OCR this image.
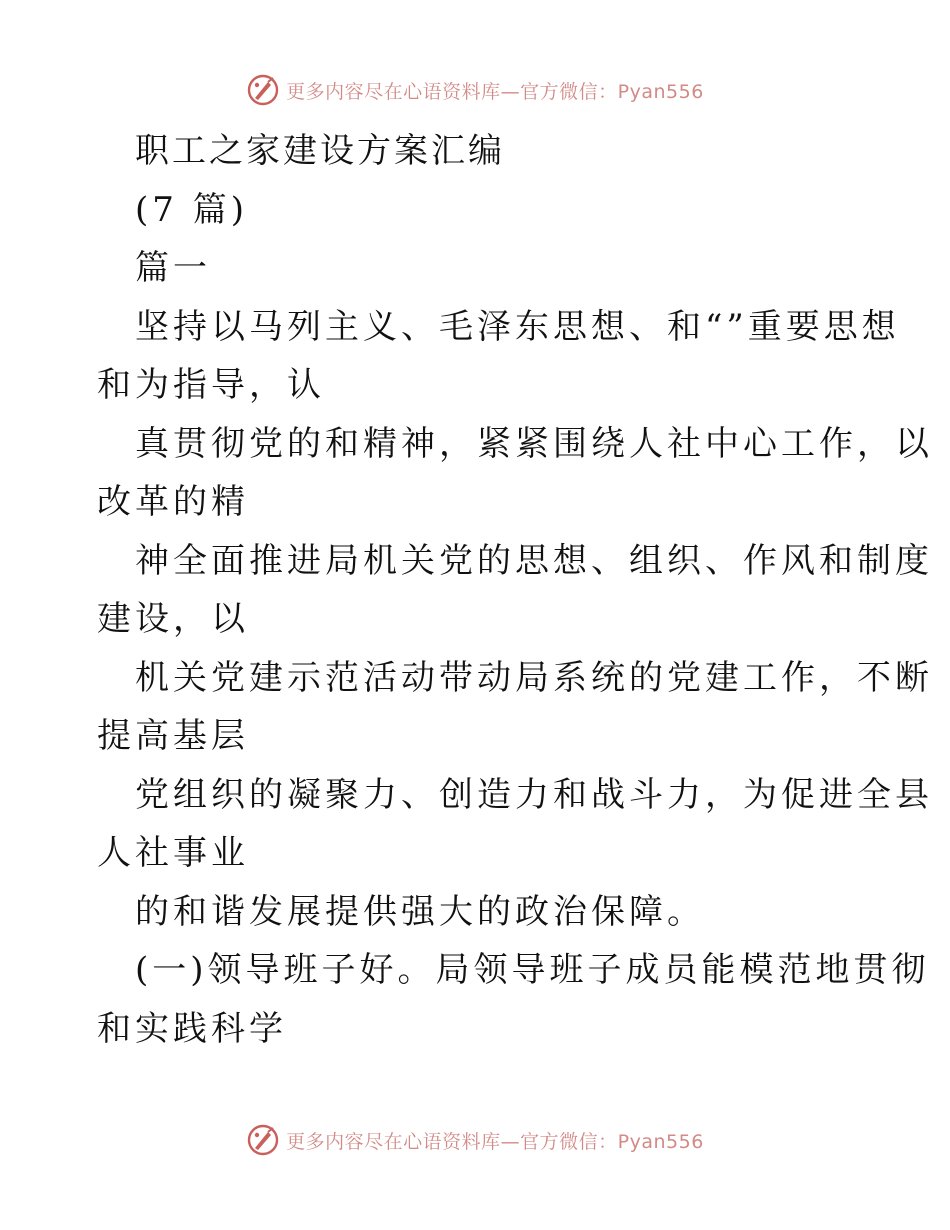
更多内容尽在心语资料库—官方微信：Pyan556

职工之家建设方案汇编

(7 篇)

篇一

坚持以马列主义、毛泽东思想、和“”重要思想

和为指导，认

真贯彻党的和精神，紧紧围绕人社中心工作，以

改革的精

神全面推进局机关党的思想、组织、作风和制度

建设，以

机关党建示范活动带动局系统的党建工作，不断

提高基层

党组织的凝聚力、创造力和战斗力，为促进全县

人社事业

的和谐发展提供强大的政治保障。

(一)领导班子好。局领导班子成员能模范地贯彻

和实践科学

更多内容尽在心语资料库—官方微信：Pyan556
